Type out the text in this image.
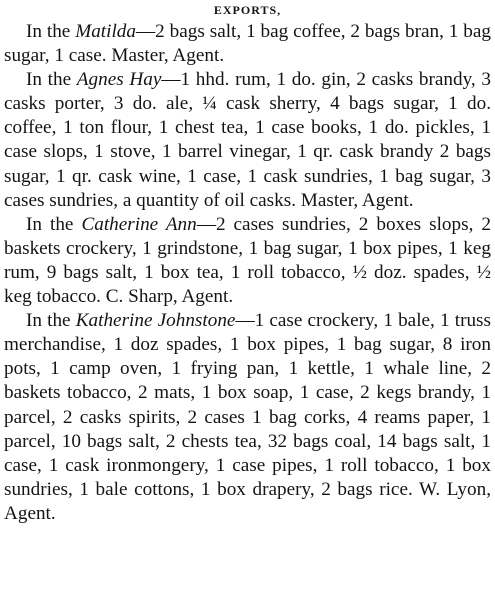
EXPORTS,

In the Matilda—2 bags salt, 1 bag coffee, 2 bags bran, 1 bag sugar, 1 case. Master, Agent.

In the Agnes Hay—1 hhd. rum, 1 do. gin, 2 casks brandy, 3 casks porter, 3 do. ale, ¼ cask sherry, 4 bags sugar, 1 do. coffee, 1 ton flour, 1 chest tea, 1 case books, 1 do. pickles, 1 case slops, 1 stove, 1 barrel vinegar, 1 qr. cask brandy 2 bags sugar, 1 qr. cask wine, 1 case, 1 cask sundries, 1 bag sugar, 3 cases sundries, a quantity of oil casks. Master, Agent.

In the Catherine Ann—2 cases sundries, 2 boxes slops, 2 baskets crockery, 1 grindstone, 1 bag sugar, 1 box pipes, 1 keg rum, 9 bags salt, 1 box tea, 1 roll tobacco, ½ doz. spades, ½ keg tobacco. C. Sharp, Agent.

In the Katherine Johnstone—1 case crockery, 1 bale, 1 truss merchandise, 1 doz spades, 1 box pipes, 1 bag sugar, 8 iron pots, 1 camp oven, 1 frying pan, 1 kettle, 1 whale line, 2 baskets tobacco, 2 mats, 1 box soap, 1 case, 2 kegs brandy, 1 parcel, 2 casks spirits, 2 cases 1 bag corks, 4 reams paper, 1 parcel, 10 bags salt, 2 chests tea, 32 bags coal, 14 bags salt, 1 case, 1 cask ironmongery, 1 case pipes, 1 roll tobacco, 1 box sundries, 1 bale cottons, 1 box drapery, 2 bags rice. W. Lyon, Agent.
